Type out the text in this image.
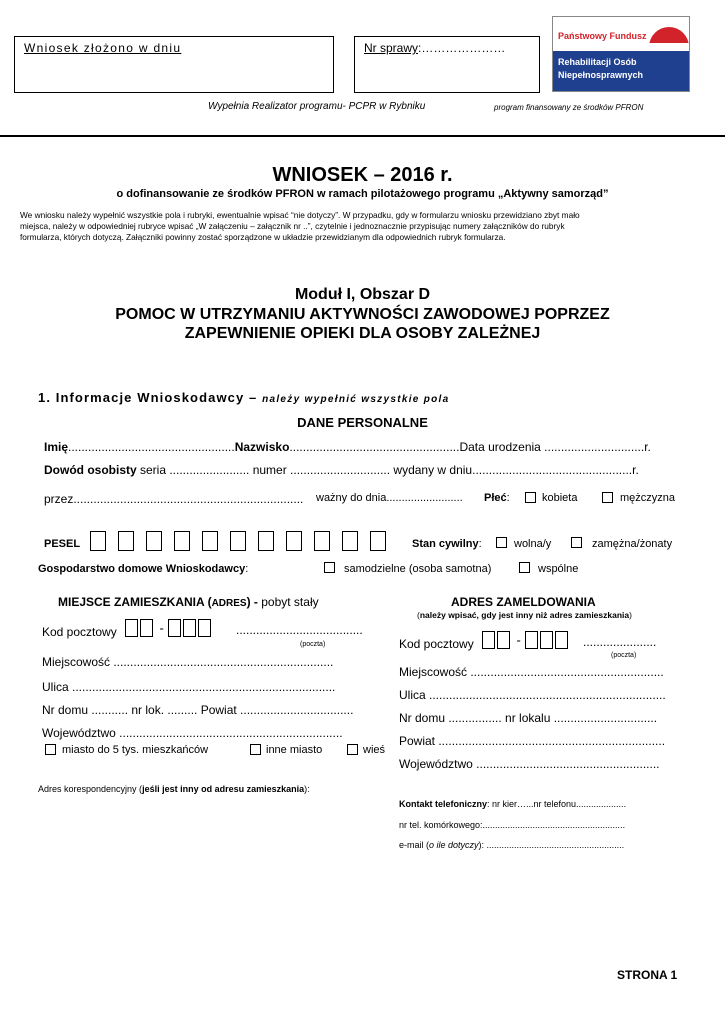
Wniosek złożono w dniu	Nr sprawy:…………………
Państwowy Fundusz
Rehabilitacji Osób
Niepełnosprawnych
Wypełnia Realizator programu- PCPR w Rybniku	program finansowany ze środków PFRON
WNIOSEK – 2016 r.
o dofinansowanie ze środków PFRON w ramach pilotażowego programu „Aktywny samorząd”
We wniosku należy wypełnić wszystkie pola i rubryki, ewentualnie wpisać “nie dotyczy”. W przypadku, gdy w formularzu wniosku przewidziano zbyt mało
miejsca, należy w odpowiedniej rubryce wpisać „W załączeniu – załącznik nr ..”, czytelnie i jednoznacznie przypisując numery załączników do rubryk
formularza, których dotyczą. Załączniki powinny zostać sporządzone w układzie przewidzianym dla odpowiednich rubryk formularza.
Moduł I, Obszar D
POMOC W UTRZYMANIU AKTYWNOŚCI ZAWODOWEJ POPRZEZ
ZAPEWNIENIE OPIEKI DLA OSOBY ZALEŻNEJ
1. Informacje Wnioskodawcy – należy wypełnić wszystkie pola
DANE PERSONALNE
Imię..................................................Nazwisko...................................................Data urodzenia ..............................r.
Dowód osobisty seria ........................ numer .............................. wydany w dniu................................................r.
przez..................................................................... ważny do dnia......................... Płeć:	kobieta	mężczyzna
PESEL	Stan cywilny:	wolna/y	zamężna/żonaty
Gospodarstwo domowe Wnioskodawcy:	samodzielne (osoba samotna)	wspólne
MIEJSCE ZAMIESZKANIA (ADRES) - pobyt stały
Kod pocztowy	-	......................................
(poczta)
Miejscowość ..................................................................
Ulica ...............................................................................
Nr domu ........... nr lok. ......... Powiat ..................................
Województwo ...................................................................
miasto do 5 tys. mieszkańców	inne miasto	wieś
Adres korespondencyjny (jeśli jest inny od adresu zamieszkania):
ADRES ZAMELDOWANIA
(należy wpisać, gdy jest inny niż adres zamieszkania)
Kod pocztowy	-	......................
(poczta)
Miejscowość ..........................................................
Ulica .......................................................................
Nr domu ................ nr lokalu ...............................
Powiat ....................................................................
Województwo .......................................................
Kontakt telefoniczny: nr kier…...nr telefonu....................
nr tel. komórkowego:.........................................................
e-mail (o ile dotyczy): .......................................................
STRONA 1
